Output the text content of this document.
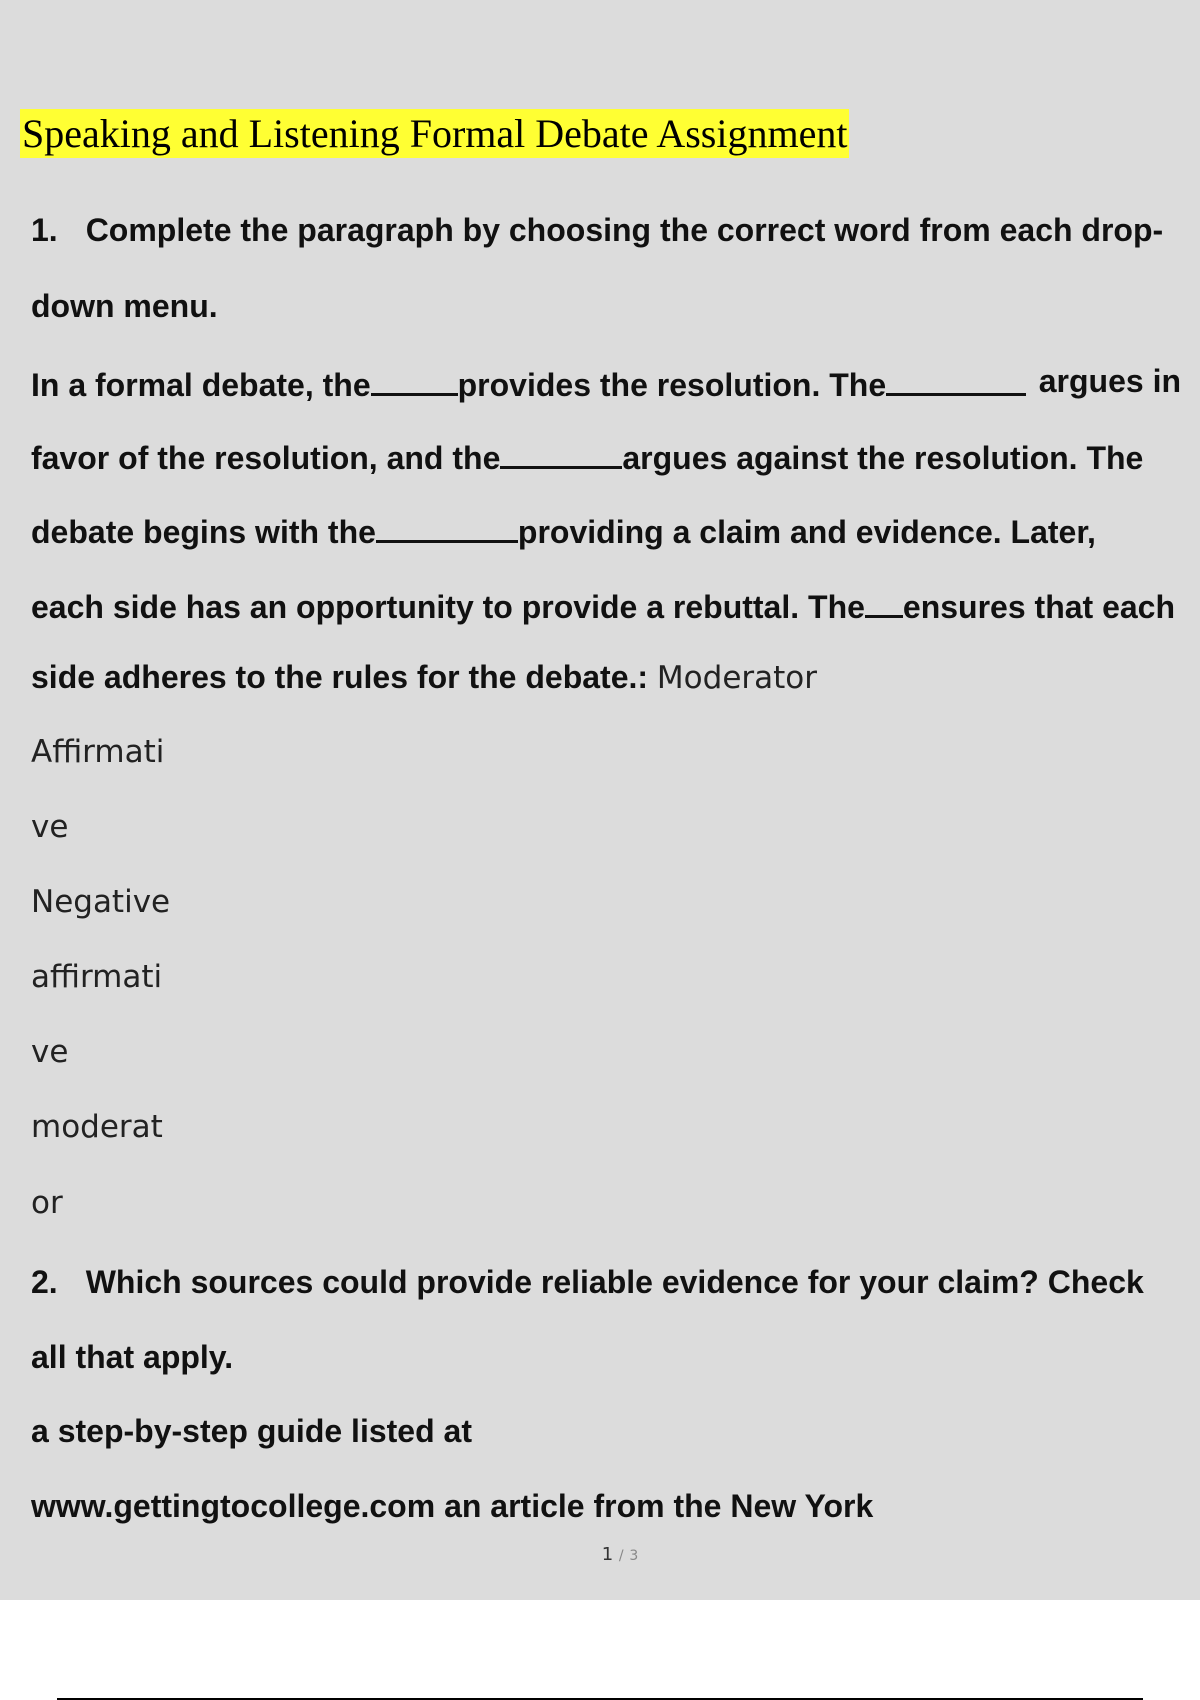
Speaking and Listening Formal Debate Assignment
1. Complete the paragraph by choosing the correct word from each drop-
down menu.
In a formal debate, the	provides the resolution. The	argues in
favor of the resolution, and the	argues against the resolution. The
debate begins with the	providing a claim and evidence. Later,
each side has an opportunity to provide a rebuttal. The ensures that each
side adheres to the rules for the debate.: Moderator
Affirmati
ve
Negative
affirmati
ve
moderat
or
2. Which sources could provide reliable evidence for your claim? Check
all that apply.
a step-by-step guide listed at
www.gettingtocollege.com an article from the New York
1 / 3
